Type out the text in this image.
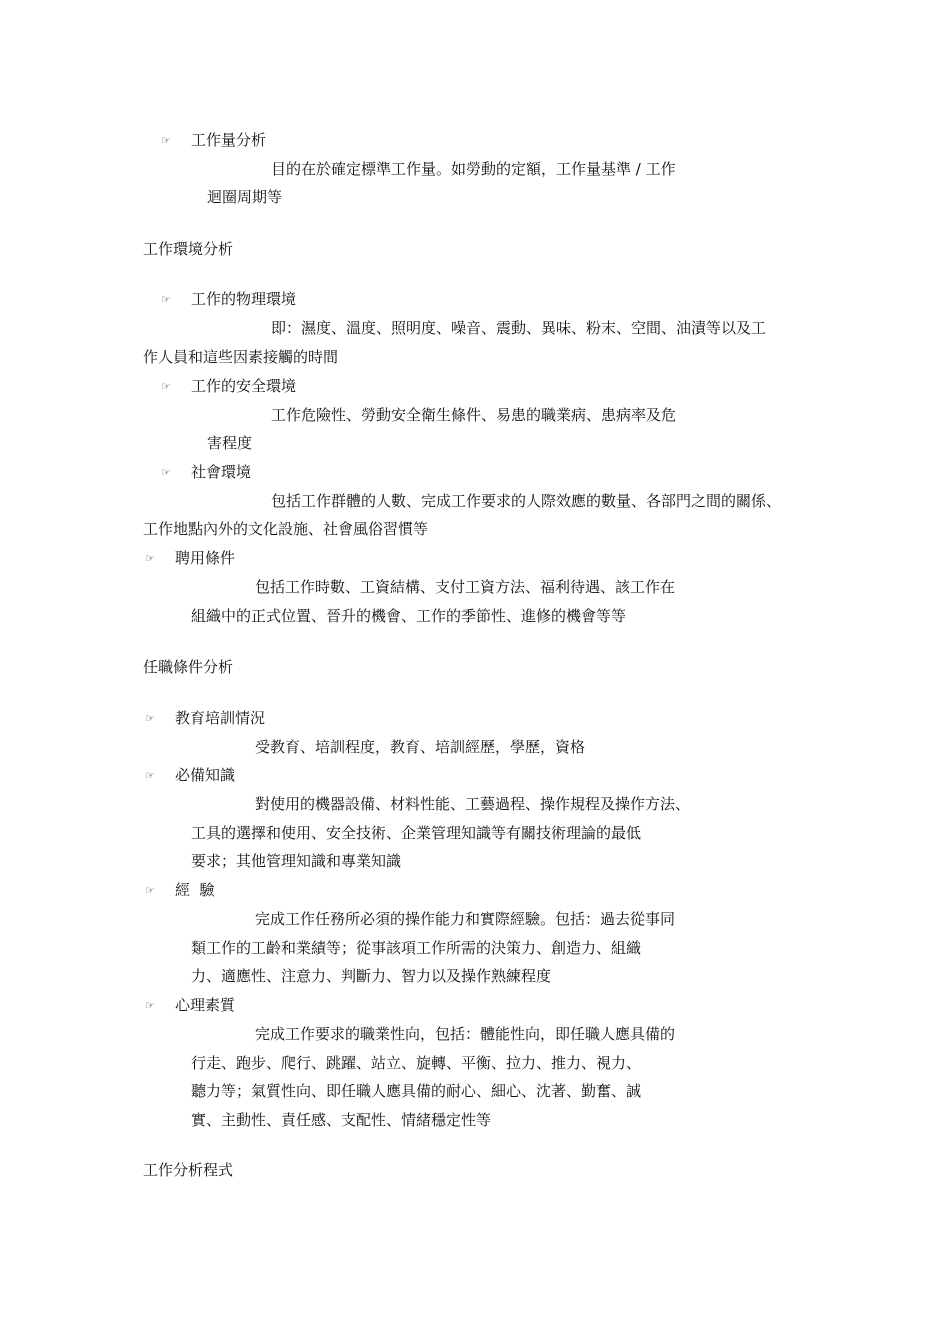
☞ 工作量分析
目的在於確定標準工作量。如勞動的定額，工作量基準 / 工作
迴圈周期等
工作環境分析
☞ 工作的物理環境
即：濕度、溫度、照明度、噪音、震動、異味、粉末、空間、油漬等以及工
作人員和這些因素接觸的時間
☞ 工作的安全環境
工作危險性、勞動安全衛生條件、易患的職業病、患病率及危
害程度
☞ 社會環境
包括工作群體的人數、完成工作要求的人際效應的數量、各部門之間的關係、
工作地點內外的文化設施、社會風俗習慣等
☞ 聘用條件
包括工作時數、工資結構、支付工資方法、福利待遇、該工作在
組織中的正式位置、晉升的機會、工作的季節性、進修的機會等等
任職條件分析
☞ 教育培訓情況
受教育、培訓程度，教育、培訓經歷，學歷，資格
☞ 必備知識
對使用的機器設備、材料性能、工藝過程、操作規程及操作方法、
工具的選擇和使用、安全技術、企業管理知識等有關技術理論的最低
要求；其他管理知識和專業知識
☞ 經  驗
完成工作任務所必須的操作能力和實際經驗。包括：過去從事同
類工作的工齡和業績等；從事該項工作所需的決策力、創造力、組織
力、適應性、注意力、判斷力、智力以及操作熟練程度
☞ 心理素質
完成工作要求的職業性向，包括：體能性向，即任職人應具備的
行走、跑步、爬行、跳躍、站立、旋轉、平衡、拉力、推力、視力、
聽力等；氣質性向、即任職人應具備的耐心、細心、沈著、勤奮、誠
實、主動性、責任感、支配性、情緒穩定性等
工作分析程式
